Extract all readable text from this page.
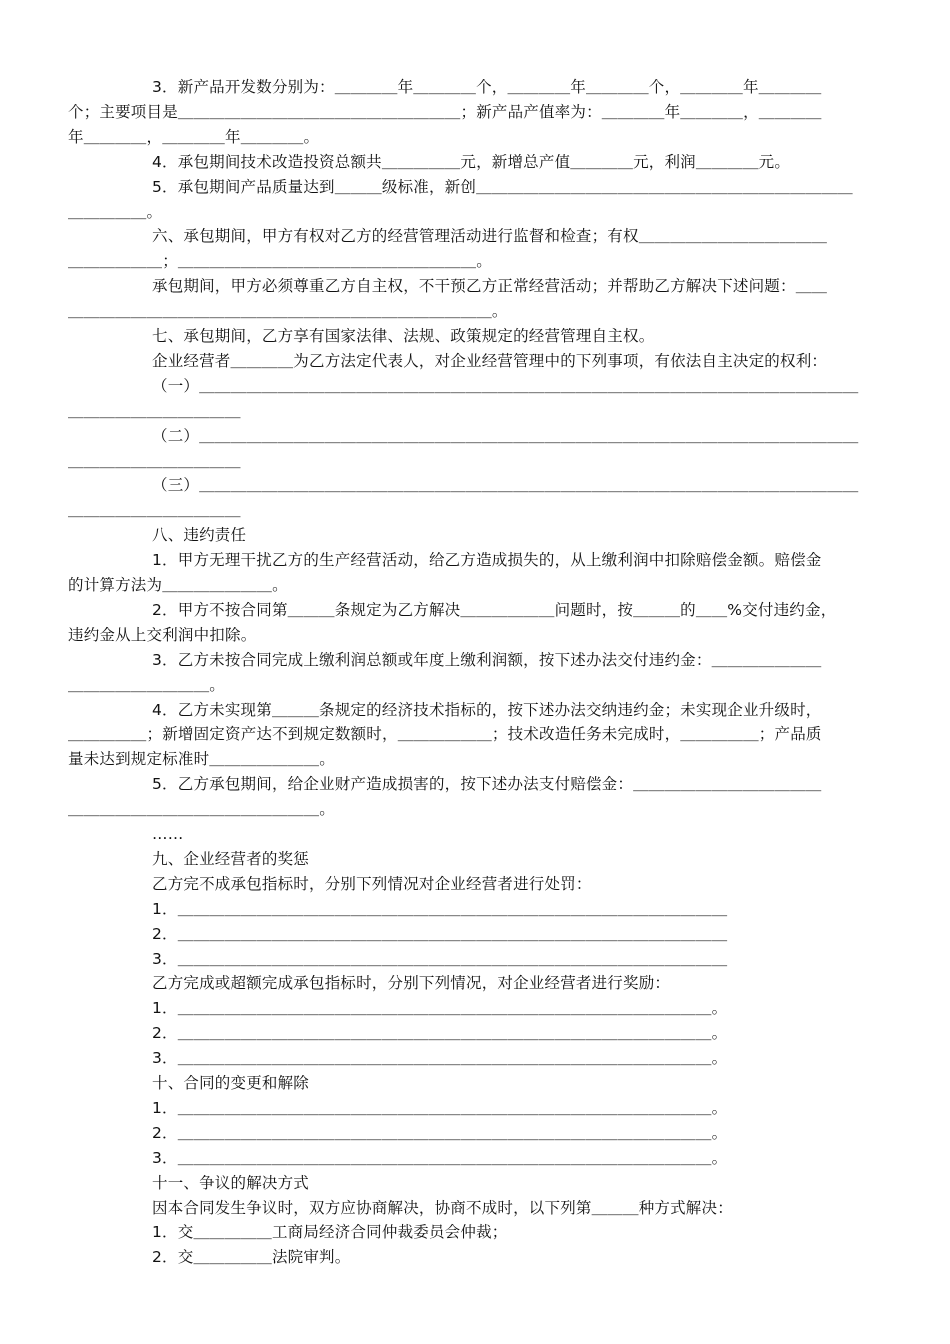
3．新产品开发数分别为：＿＿＿＿年＿＿＿＿个，＿＿＿＿年＿＿＿＿个，＿＿＿＿年＿＿＿＿
个；主要项目是＿＿＿＿＿＿＿＿＿＿＿＿＿＿＿＿＿＿；新产品产值率为：＿＿＿＿年＿＿＿＿，＿＿＿＿
年＿＿＿＿，＿＿＿＿年＿＿＿＿。
4．承包期间技术改造投资总额共＿＿＿＿＿元，新增总产值＿＿＿＿元，利润＿＿＿＿元。
5．承包期间产品质量达到＿＿＿级标准，新创＿＿＿＿＿＿＿＿＿＿＿＿＿＿＿＿＿＿＿＿＿＿＿＿
＿＿＿＿＿。
六、承包期间，甲方有权对乙方的经营管理活动进行监督和检查；有权＿＿＿＿＿＿＿＿＿＿＿＿
＿＿＿＿＿＿；＿＿＿＿＿＿＿＿＿＿＿＿＿＿＿＿＿＿＿。
承包期间，甲方必须尊重乙方自主权，不干预乙方正常经营活动；并帮助乙方解决下述问题：＿＿
＿＿＿＿＿＿＿＿＿＿＿＿＿＿＿＿＿＿＿＿＿＿＿＿＿＿＿。
七、承包期间，乙方享有国家法律、法规、政策规定的经营管理自主权。
企业经营者＿＿＿＿为乙方法定代表人，对企业经营管理中的下列事项，有依法自主决定的权利：
（一）＿＿＿＿＿＿＿＿＿＿＿＿＿＿＿＿＿＿＿＿＿＿＿＿＿＿＿＿＿＿＿＿＿＿＿＿＿＿＿＿＿＿
＿＿＿＿＿＿＿＿＿＿＿
（二）＿＿＿＿＿＿＿＿＿＿＿＿＿＿＿＿＿＿＿＿＿＿＿＿＿＿＿＿＿＿＿＿＿＿＿＿＿＿＿＿＿＿
＿＿＿＿＿＿＿＿＿＿＿
（三）＿＿＿＿＿＿＿＿＿＿＿＿＿＿＿＿＿＿＿＿＿＿＿＿＿＿＿＿＿＿＿＿＿＿＿＿＿＿＿＿＿＿
＿＿＿＿＿＿＿＿＿＿＿
八、违约责任
1．甲方无理干扰乙方的生产经营活动，给乙方造成损失的，从上缴利润中扣除赔偿金额。赔偿金
的计算方法为＿＿＿＿＿＿＿。
2．甲方不按合同第＿＿＿条规定为乙方解决＿＿＿＿＿＿问题时，按＿＿＿的＿＿%交付违约金，
违约金从上交利润中扣除。
3．乙方未按合同完成上缴利润总额或年度上缴利润额，按下述办法交付违约金：＿＿＿＿＿＿＿
＿＿＿＿＿＿＿＿＿。
4．乙方未实现第＿＿＿条规定的经济技术指标的，按下述办法交纳违约金；未实现企业升级时，
＿＿＿＿＿；新增固定资产达不到规定数额时，＿＿＿＿＿＿；技术改造任务未完成时，＿＿＿＿＿；产品质
量未达到规定标准时＿＿＿＿＿＿＿。
5．乙方承包期间，给企业财产造成损害的，按下述办法支付赔偿金：＿＿＿＿＿＿＿＿＿＿＿＿
＿＿＿＿＿＿＿＿＿＿＿＿＿＿＿＿。
……
九、企业经营者的奖惩
乙方完不成承包指标时，分别下列情况对企业经营者进行处罚：
1．＿＿＿＿＿＿＿＿＿＿＿＿＿＿＿＿＿＿＿＿＿＿＿＿＿＿＿＿＿＿＿＿＿＿＿
2．＿＿＿＿＿＿＿＿＿＿＿＿＿＿＿＿＿＿＿＿＿＿＿＿＿＿＿＿＿＿＿＿＿＿＿
3．＿＿＿＿＿＿＿＿＿＿＿＿＿＿＿＿＿＿＿＿＿＿＿＿＿＿＿＿＿＿＿＿＿＿＿
乙方完成或超额完成承包指标时，分别下列情况，对企业经营者进行奖励：
1．＿＿＿＿＿＿＿＿＿＿＿＿＿＿＿＿＿＿＿＿＿＿＿＿＿＿＿＿＿＿＿＿＿＿。
2．＿＿＿＿＿＿＿＿＿＿＿＿＿＿＿＿＿＿＿＿＿＿＿＿＿＿＿＿＿＿＿＿＿＿。
3．＿＿＿＿＿＿＿＿＿＿＿＿＿＿＿＿＿＿＿＿＿＿＿＿＿＿＿＿＿＿＿＿＿＿。
十、合同的变更和解除
1．＿＿＿＿＿＿＿＿＿＿＿＿＿＿＿＿＿＿＿＿＿＿＿＿＿＿＿＿＿＿＿＿＿＿。
2．＿＿＿＿＿＿＿＿＿＿＿＿＿＿＿＿＿＿＿＿＿＿＿＿＿＿＿＿＿＿＿＿＿＿。
3．＿＿＿＿＿＿＿＿＿＿＿＿＿＿＿＿＿＿＿＿＿＿＿＿＿＿＿＿＿＿＿＿＿＿。
十一、争议的解决方式
因本合同发生争议时，双方应协商解决，协商不成时，以下列第＿＿＿种方式解决：
1．交＿＿＿＿＿工商局经济合同仲裁委员会仲裁；
2．交＿＿＿＿＿法院审判。
